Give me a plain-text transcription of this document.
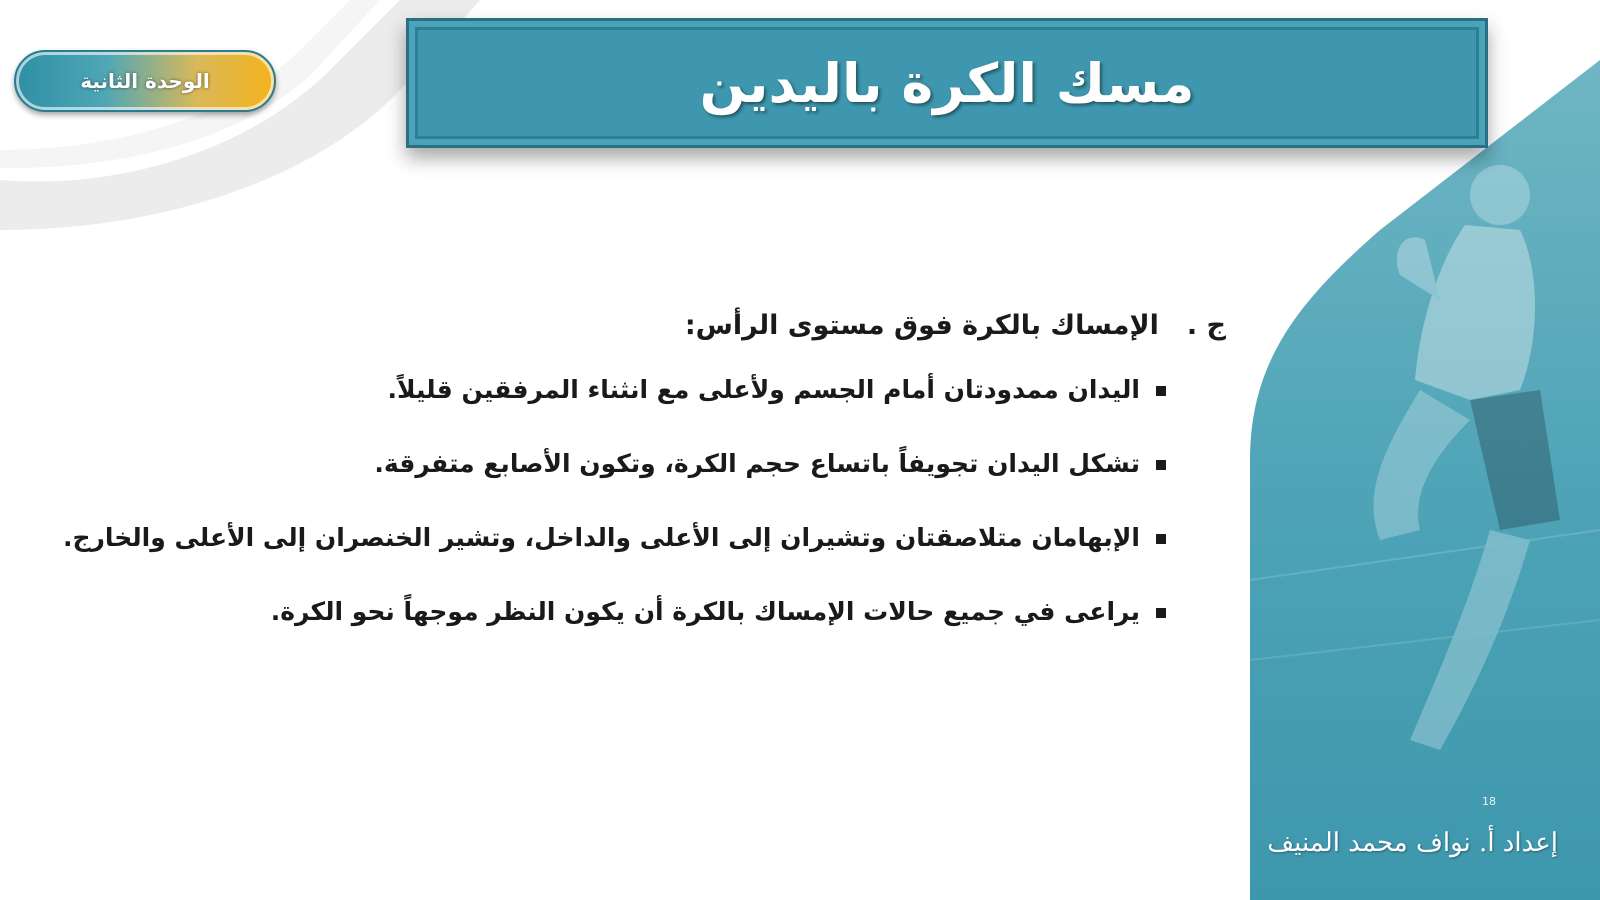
الوحدة الثانية	مسك الكرة باليدين
ج .
الإمساك بالكرة فوق مستوى الرأس:
اليدان ممدودتان أمام الجسم ولأعلى مع انثناء المرفقين قليلاً.
تشكل اليدان تجويفاً باتساع حجم الكرة، وتكون الأصابع متفرقة.
الإبهامان متلاصقتان وتشيران إلى الأعلى والداخل، وتشير الخنصران إلى الأعلى والخارج.
يراعى في جميع حالات الإمساك بالكرة أن يكون النظر موجهاً نحو الكرة.
18
إعداد أ. نواف محمد المنيف
